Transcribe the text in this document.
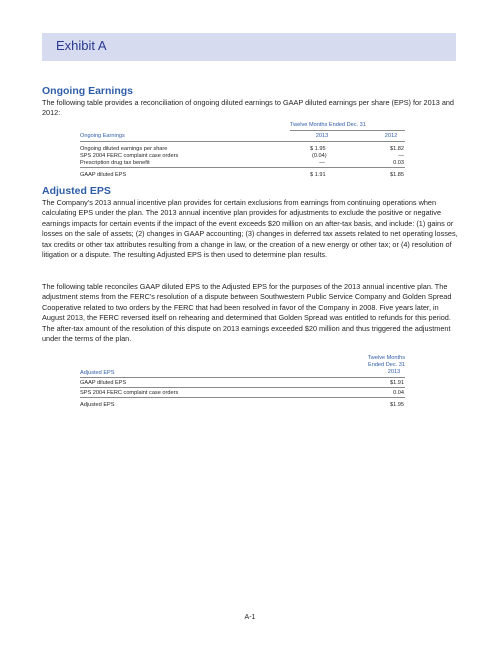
Exhibit A
Ongoing Earnings

The following table provides a reconciliation of ongoing diluted earnings to GAAP diluted earnings per share (EPS) for 2013 and 2012:

Twelve Months Ended Dec. 31
Ongoing Earnings	2013	2012
Ongoing diluted earnings per share	$ 1.95	$1.82
SPS 2004 FERC complaint case orders	(0.04)	—
Prescription drug tax benefit	—	0.03
GAAP diluted EPS	$ 1.91	$1.85
Adjusted EPS

The Company's 2013 annual incentive plan provides for certain exclusions from earnings from continuing operations when calculating EPS under the plan. The 2013 annual incentive plan provides for adjustments to exclude the positive or negative earnings impacts for certain events if the impact of the event exceeds $20 million on an after-tax basis, and include: (1) gains or losses on the sale of assets; (2) changes in GAAP accounting; (3) changes in deferred tax assets related to net operating losses, tax credits or other tax attributes resulting from a change in law, or the creation of a new energy or other tax; or (4) resolution of litigation or a dispute. The resulting Adjusted EPS is then used to determine plan results.

The following table reconciles GAAP diluted EPS to the Adjusted EPS for the purposes of the 2013 annual incentive plan. The adjustment stems from the FERC's resolution of a dispute between Southwestern Public Service Company and Golden Spread Cooperative related to two orders by the FERC that had been resolved in favor of the Company in 2008. Five years later, in August 2013, the FERC reversed itself on rehearing and determined that Golden Spread was entitled to refunds for this period. The after-tax amount of the resolution of this dispute on 2013 earnings exceeded $20 million and thus triggered the adjustment under the terms of the plan.

Twelve Months
Ended Dec. 31
2013
Adjusted EPS
GAAP diluted EPS	$1.91
SPS 2004 FERC complaint case orders	0.04
Adjusted EPS	$1.95
A-1
